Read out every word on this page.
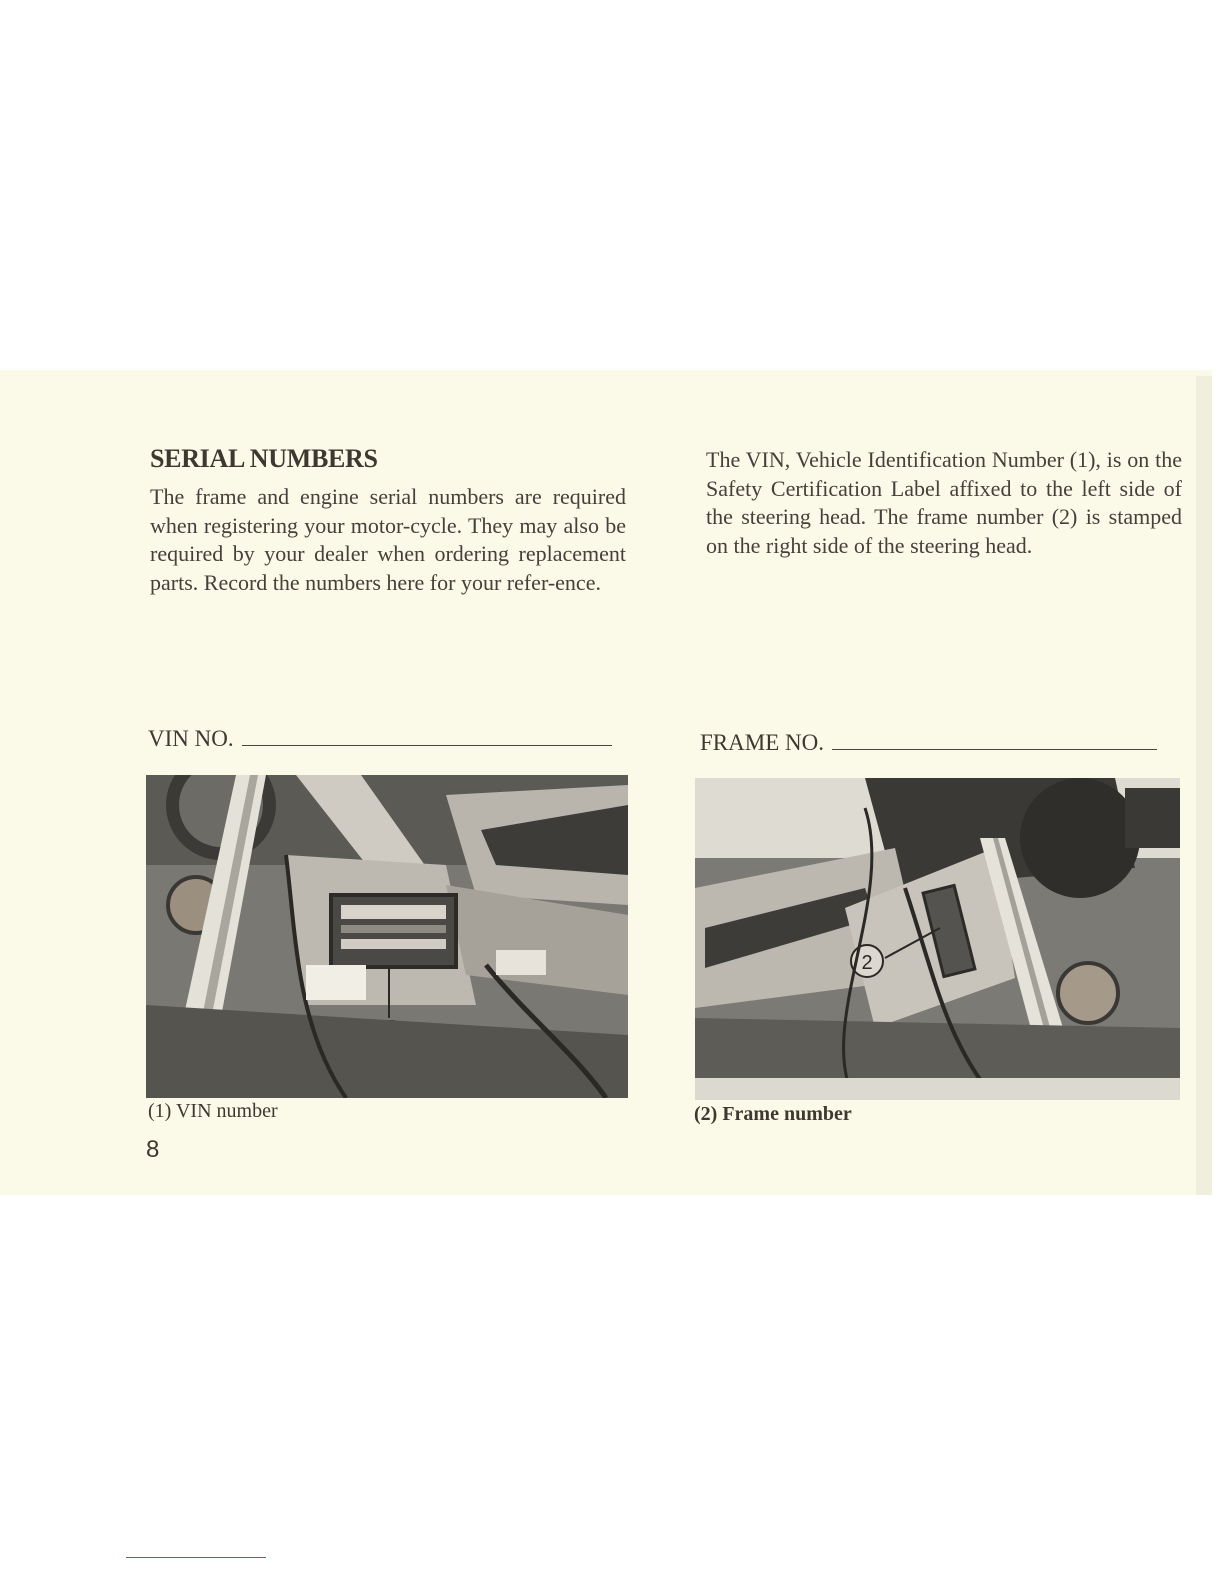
SERIAL NUMBERS

The frame and engine serial numbers are required when registering your motor-cycle. They may also be required by your dealer when ordering replacement parts. Record the numbers here for your refer-ence.

The VIN, Vehicle Identification Number (1), is on the Safety Certification Label affixed to the left side of the steering head. The frame number (2) is stamped on the right side of the steering head.

VIN NO.	FRAME NO.
2
(1) VIN number	(2) Frame number
8
